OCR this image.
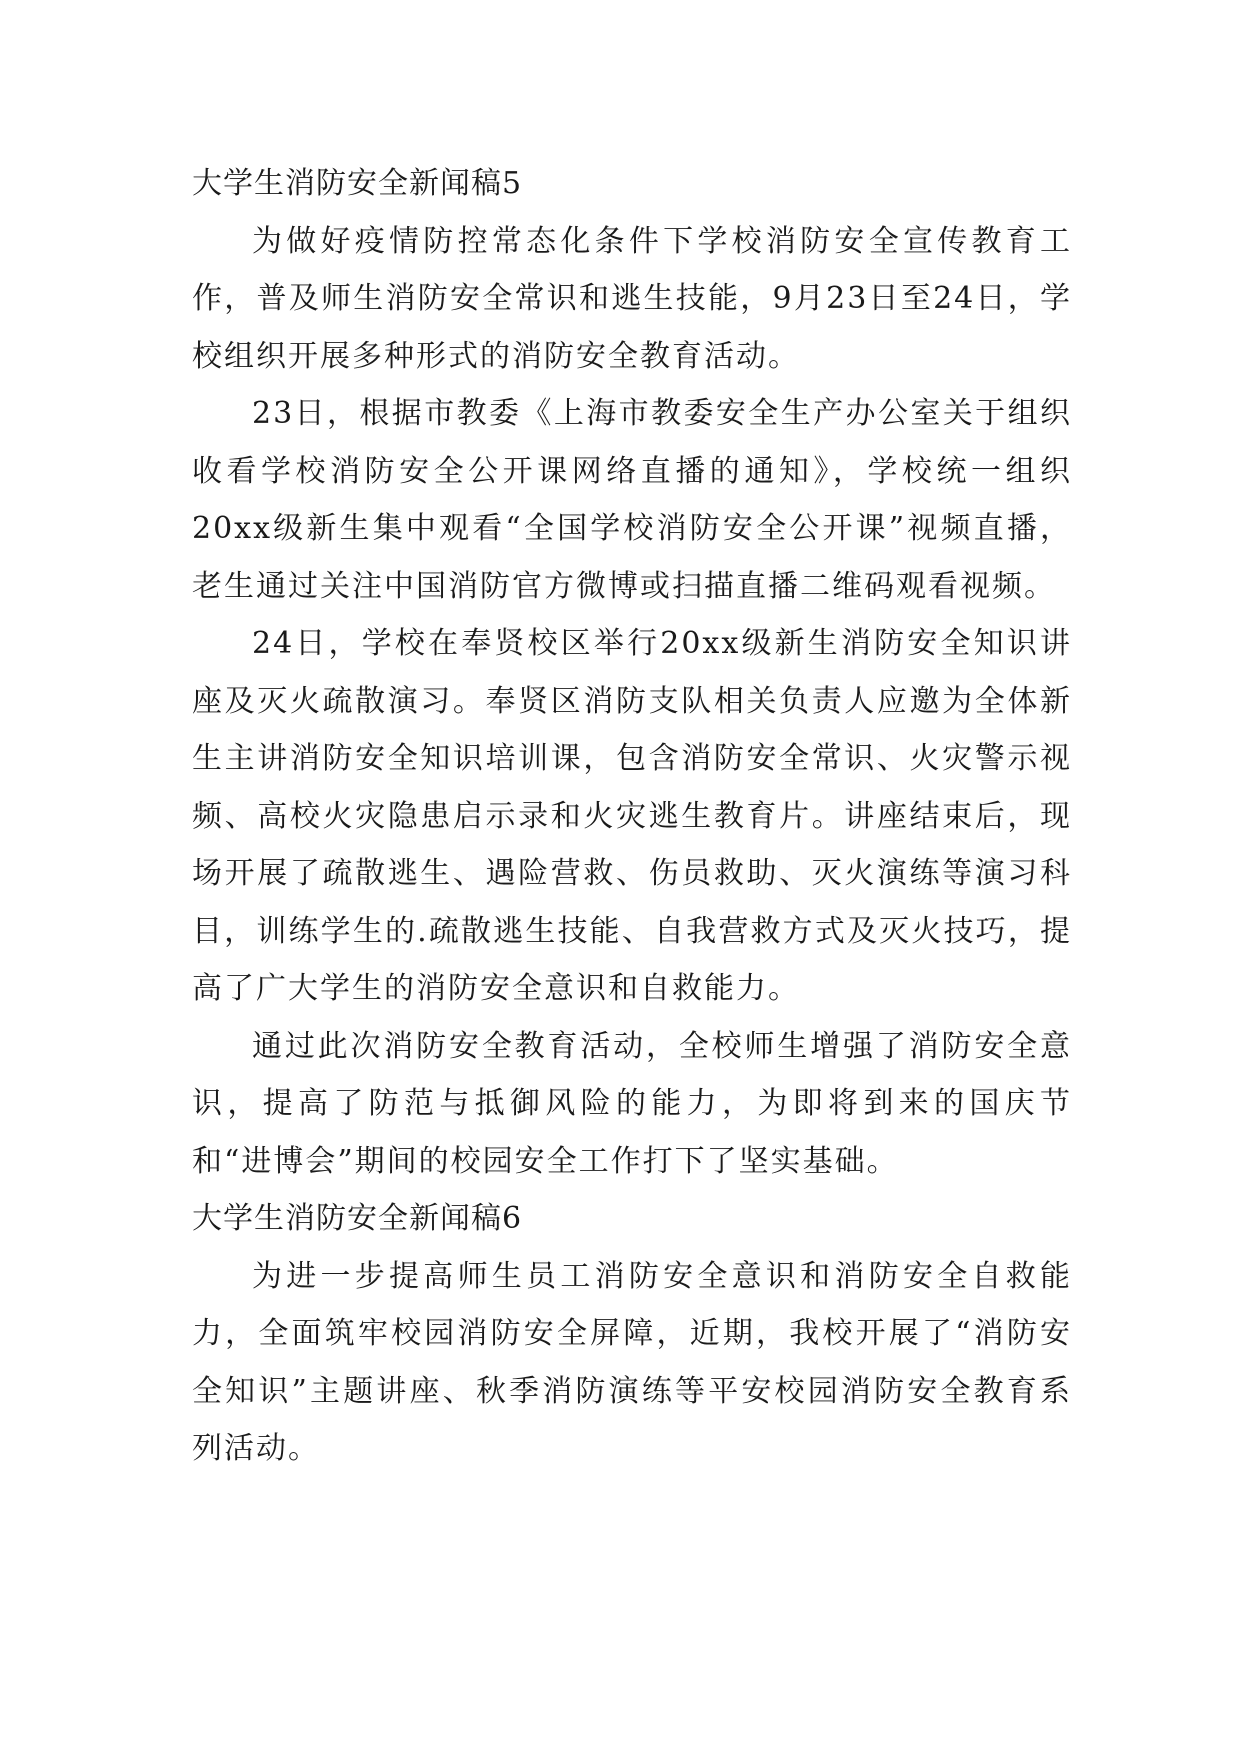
大学生消防安全新闻稿5

为做好疫情防控常态化条件下学校消防安全宣传教育工作，普及师生消防安全常识和逃生技能，9月23日至24日，学校组织开展多种形式的消防安全教育活动。

23日，根据市教委《上海市教委安全生产办公室关于组织收看学校消防安全公开课网络直播的通知》，学校统一组织20xx级新生集中观看“全国学校消防安全公开课”视频直播，老生通过关注中国消防官方微博或扫描直播二维码观看视频。

24日，学校在奉贤校区举行20xx级新生消防安全知识讲座及灭火疏散演习。奉贤区消防支队相关负责人应邀为全体新生主讲消防安全知识培训课，包含消防安全常识、火灾警示视频、高校火灾隐患启示录和火灾逃生教育片。讲座结束后，现场开展了疏散逃生、遇险营救、伤员救助、灭火演练等演习科目，训练学生的.疏散逃生技能、自我营救方式及灭火技巧，提高了广大学生的消防安全意识和自救能力。

通过此次消防安全教育活动，全校师生增强了消防安全意识，提高了防范与抵御风险的能力，为即将到来的国庆节和“进博会”期间的校园安全工作打下了坚实基础。

大学生消防安全新闻稿6

为进一步提高师生员工消防安全意识和消防安全自救能力，全面筑牢校园消防安全屏障，近期，我校开展了“消防安全知识”主题讲座、秋季消防演练等平安校园消防安全教育系列活动。
